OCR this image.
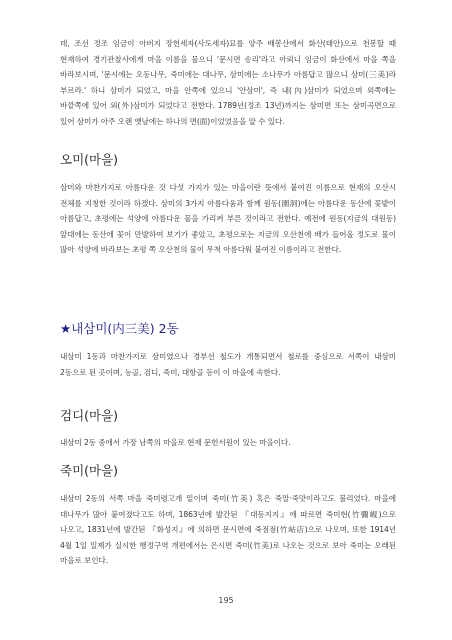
데, 조선 정조 임금이 아버지 장헌세자(사도세자)묘를 양주 배봉산에서 화산(태안)으로 천봉할 때 현재하여 경기관찰사에게 마을 이름을 물으니 '문시면 송리'라고 아뢰니 임금이 화산에서 마을 쪽을 바라보시며, '문시에는 오동나무, 죽미에는 대나무, 삼미에는 소나무가 아름답고 많으니 삼미(三美)라 부르라.' 하니 삼미가 되었고, 마을 안쪽에 있으니 '안삼미', 즉 내(內)삼미가 되었으며 외쪽에는 바깥쪽에 있어 외(外)삼미가 되었다고 전한다. 1789년(정조 13년)까지는 삼미면 또는 삼미곡면으로 있어 삼미가 아주 오랜 옛날에는 하나의 면(面)이었었음을 알 수 있다.

오미(마을)

삼미와 마찬가지로 아름다운 것 다섯 가지가 있는 마을이란 뜻에서 붙여진 이름으로 현재의 오산시 전체를 지칭한 것이라 하겠다. 삼미의 3가지 아름다움과 함께 원동(園洞)에는 아름다운 동산에 꽃밭이 아름답고, 초평에는 석양에 아름다운 물을 가리켜 부른 것이라고 전한다. 예전에 원동(지금의 대원동) 앞대에는 동산에 꽃이 만발하여 보기가 좋았고, 초평으로는 지금의 오산천에 배가 들어올 정도로 물이 많아 석양에 바라보는 초평 쪽 오산천의 물이 무척 아름다워 붙여진 이름이라고 전한다.

★내삼미(内三美) 2동

내삼미 1동과 마찬가지로 삼미였으나 경부선 철도가 개통되면서 철로를 중심으로 서쪽이 내삼미 2동으로 된 곳이며, 능골, 검디, 죽미, 대항골 등이 이 마을에 속한다.

검디(마을)

내삼미 2동 중에서 가장 남쪽의 마을로 현재 문헌서원이 있는 마을이다.

죽미(마을)

내삼미 2동의 서쪽 마을 죽미령고개 밑이며 죽미(竹美) 혹은 죽말·죽맛이라고도 불리었다. 마을에 대나무가 많아 붙여졌다고도 하며, 1863년에 발간된 『대동지지』에 따르면 죽미현(竹彌峴)으로 나오고, 1831년에 발간된 『화성지』에 의하면 문시면에 죽점점(竹岾店)으로 나오며, 또한 1914년 4월 1일 일제가 실시한 행정구역 개편에서는 은시면 죽미(竹美)로 나오는 것으로 보아 죽미는 오래된 마을로 보인다.

195
